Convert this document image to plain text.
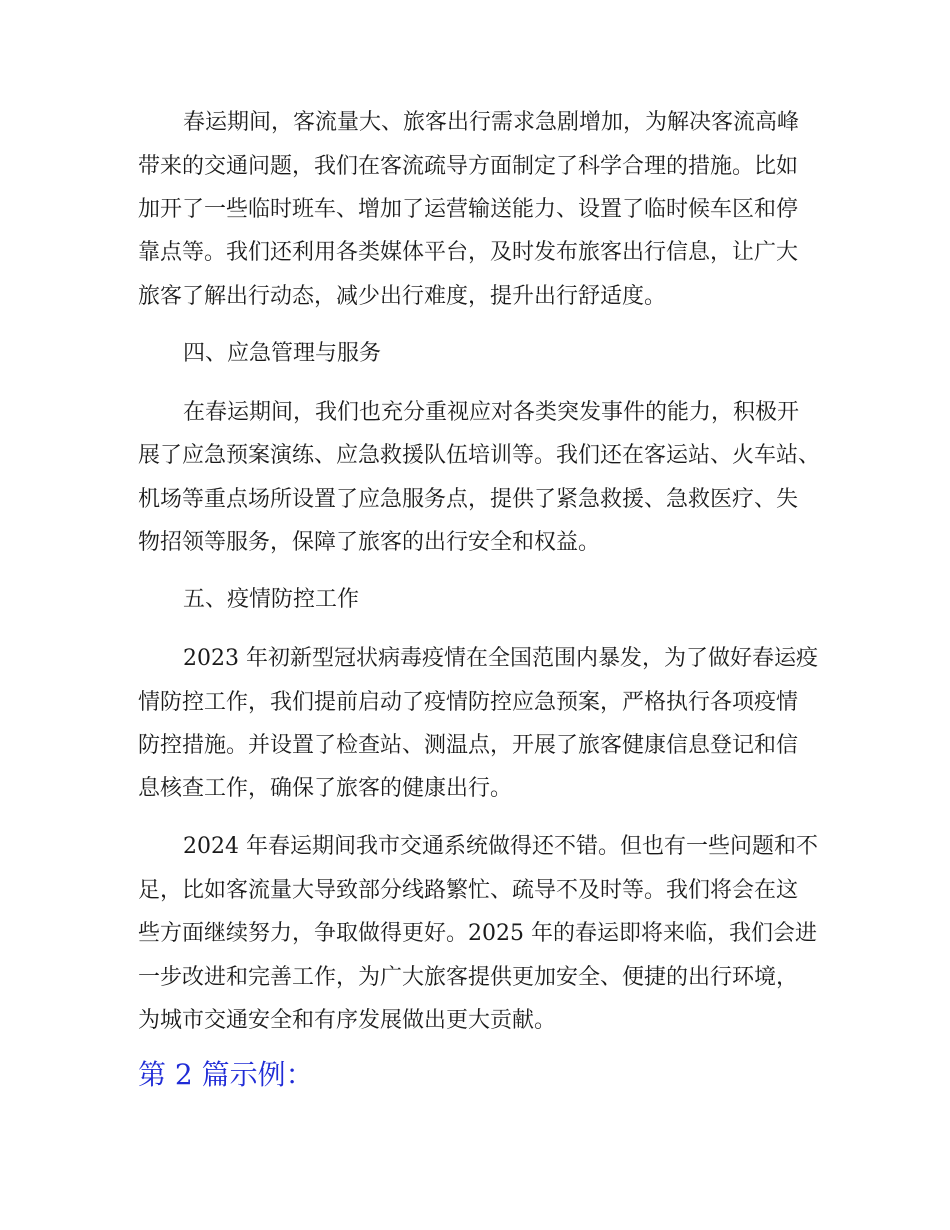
春运期间，客流量大、旅客出行需求急剧增加，为解决客流高峰

带来的交通问题，我们在客流疏导方面制定了科学合理的措施。比如

加开了一些临时班车、增加了运营输送能力、设置了临时候车区和停

靠点等。我们还利用各类媒体平台，及时发布旅客出行信息，让广大

旅客了解出行动态，减少出行难度，提升出行舒适度。

四、应急管理与服务

在春运期间，我们也充分重视应对各类突发事件的能力，积极开

展了应急预案演练、应急救援队伍培训等。我们还在客运站、火车站、

机场等重点场所设置了应急服务点，提供了紧急救援、急救医疗、失

物招领等服务，保障了旅客的出行安全和权益。

五、疫情防控工作

2023 年初新型冠状病毒疫情在全国范围内暴发，为了做好春运疫

情防控工作，我们提前启动了疫情防控应急预案，严格执行各项疫情

防控措施。并设置了检查站、测温点，开展了旅客健康信息登记和信

息核查工作，确保了旅客的健康出行。

2024 年春运期间我市交通系统做得还不错。但也有一些问题和不

足，比如客流量大导致部分线路繁忙、疏导不及时等。我们将会在这

些方面继续努力，争取做得更好。2025 年的春运即将来临，我们会进

一步改进和完善工作，为广大旅客提供更加安全、便捷的出行环境，

为城市交通安全和有序发展做出更大贡献。

第 2 篇示例：
